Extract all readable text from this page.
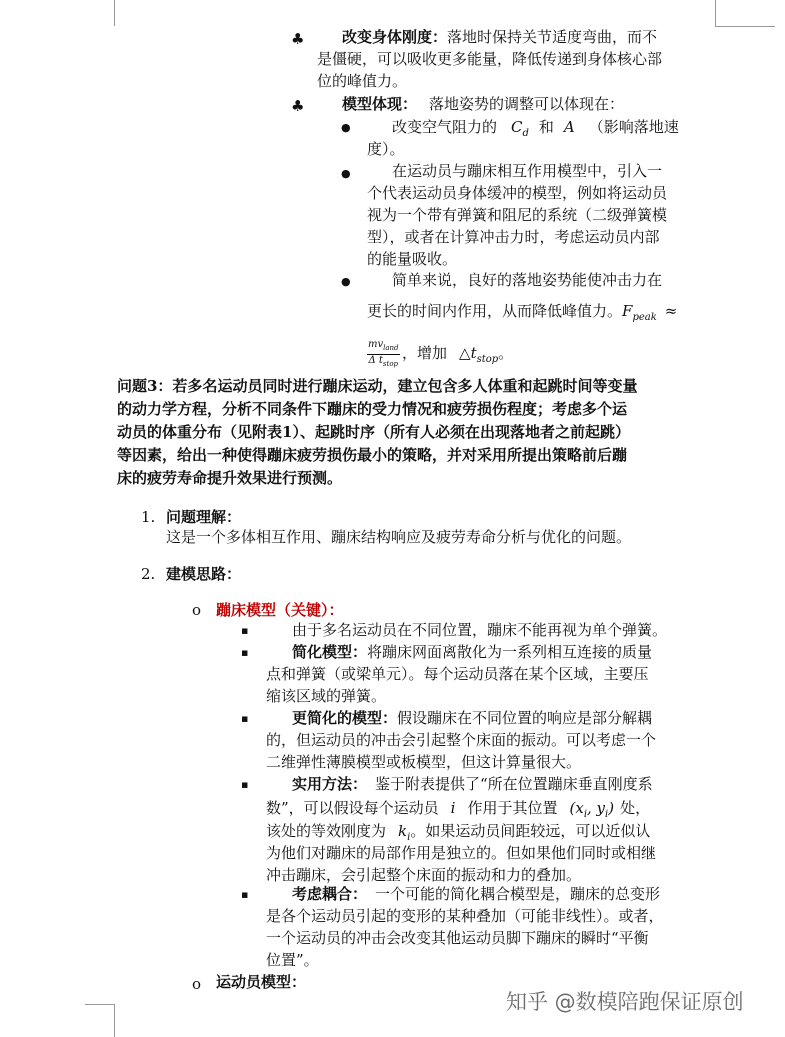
♣	改变身体刚度：落地时保持关节适度弯曲，而不
是僵硬，可以吸收更多能量，降低传递到身体核心部
位的峰值力。
♣	模型体现： 落地姿势的调整可以体现在：
●	改变空气阻力的 $C_d$ 和 A （影响落地速
度）。
●	在运动员与蹦床相互作用模型中，引入一
个代表运动员身体缓冲的模型，例如将运动员
视为一个带有弹簧和阻尼的系统（二级弹簧模
型），或者在计算冲击力时，考虑运动员内部
的能量吸收。
●	简单来说，良好的落地姿势能使冲击力在
更长的时间内作用，从而降低峰值力。$F_{peak}$ ≈
$mv_{land}$
Δ $t_{stop}$
，增加 $\triangle t_{stop}$。
问题3：若多名运动员同时进行蹦床运动，建立包含多人体重和起跳时间等变量
的动力学方程，分析不同条件下蹦床的受力情况和疲劳损伤程度；考虑多个运
动员的体重分布（见附表1）、起跳时序（所有人必须在出现落地者之前起跳）
等因素，给出一种使得蹦床疲劳损伤最小的策略，并对采用所提出策略前后蹦
床的疲劳寿命提升效果进行预测。
1. 问题理解：
这是一个多体相互作用、蹦床结构响应及疲劳寿命分析与优化的问题。
2. 建模思路：
o 蹦床模型（关键）：
▪	由于多名运动员在不同位置，蹦床不能再视为单个弹簧。
▪	简化模型：将蹦床网面离散化为一系列相互连接的质量
点和弹簧（或梁单元）。每个运动员落在某个区域，主要压
缩该区域的弹簧。
▪	更简化的模型：假设蹦床在不同位置的响应是部分解耦
的，但运动员的冲击会引起整个床面的振动。可以考虑一个
二维弹性薄膜模型或板模型，但这计算量很大。
▪	实用方法： 鉴于附表提供了“所在位置蹦床垂直刚度系
数”，可以假设每个运动员 i 作用于其位置 ($x_i$, $y_i$) 处，
该处的等效刚度为 $k_i$。如果运动员间距较远，可以近似认
为他们对蹦床的局部作用是独立的。但如果他们同时或相继
冲击蹦床，会引起整个床面的振动和力的叠加。
▪	考虑耦合： 一个可能的简化耦合模型是，蹦床的总变形
是各个运动员引起的变形的某种叠加（可能非线性）。或者，
一个运动员的冲击会改变其他运动员脚下蹦床的瞬时“平衡
位置”。
o 运动员模型：
知乎 @数模陪跑保证原创
